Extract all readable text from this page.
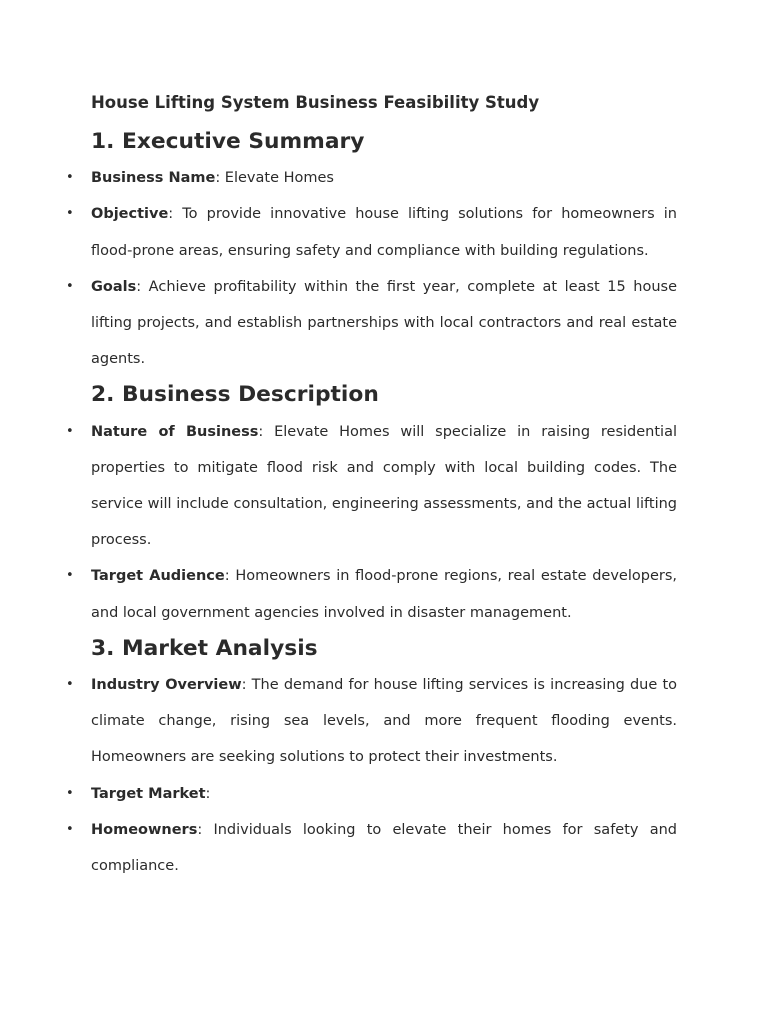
House Lifting System Business Feasibility Study
1. Executive Summary
• Business Name: Elevate Homes
• Objective: To provide innovative house lifting solutions for homeowners in flood-prone areas, ensuring safety and compliance with building regulations.
• Goals: Achieve profitability within the first year, complete at least 15 house lifting projects, and establish partnerships with local contractors and real estate agents.
2. Business Description
• Nature of Business: Elevate Homes will specialize in raising residential properties to mitigate flood risk and comply with local building codes. The service will include consultation, engineering assessments, and the actual lifting process.
• Target Audience: Homeowners in flood-prone regions, real estate developers, and local government agencies involved in disaster management.
3. Market Analysis
• Industry Overview: The demand for house lifting services is increasing due to climate change, rising sea levels, and more frequent flooding events. Homeowners are seeking solutions to protect their investments.
• Target Market:
• Homeowners: Individuals looking to elevate their homes for safety and compliance.
